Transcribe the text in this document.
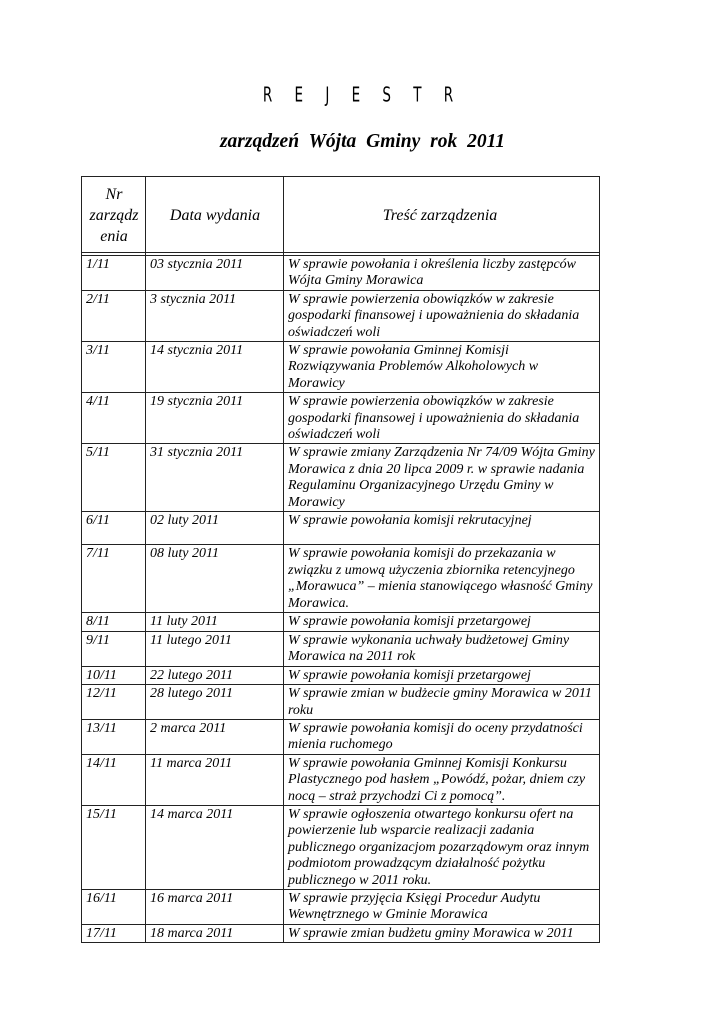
R E J E S T R
zarządzeń Wójta Gminy rok 2011
Nr zarządz enia	Data wydania	Treść zarządzenia

1/11	03 stycznia 2011	W sprawie powołania i określenia liczby zastępców Wójta Gminy Morawica
2/11	3 stycznia 2011	W sprawie powierzenia obowiązków w zakresie gospodarki finansowej i upoważnienia do składania oświadczeń woli
3/11	14 stycznia 2011	W sprawie powołania Gminnej Komisji Rozwiązywania Problemów Alkoholowych w Morawicy
4/11	19 stycznia 2011	W sprawie powierzenia obowiązków w zakresie gospodarki finansowej i upoważnienia do składania oświadczeń woli
5/11	31 stycznia 2011	W sprawie zmiany Zarządzenia Nr 74/09 Wójta Gminy Morawica z dnia 20 lipca 2009 r. w sprawie nadania Regulaminu Organizacyjnego Urzędu Gminy w Morawicy
6/11	02 luty 2011	W sprawie powołania komisji rekrutacyjnej
7/11	08 luty 2011	W sprawie powołania komisji do przekazania w związku z umową użyczenia zbiornika retencyjnego „Morawuca” – mienia stanowiącego własność Gminy Morawica.
8/11	11 luty 2011	W sprawie powołania komisji przetargowej
9/11	11 lutego 2011	W sprawie wykonania uchwały budżetowej Gminy Morawica na 2011 rok
10/11	22 lutego 2011	W sprawie powołania komisji przetargowej
12/11	28 lutego 2011	W sprawie zmian w budżecie gminy Morawica w 2011 roku
13/11	2 marca 2011	W sprawie powołania komisji do oceny przydatności mienia ruchomego
14/11	11 marca 2011	W sprawie powołania Gminnej Komisji Konkursu Plastycznego pod hasłem „Powódź, pożar, dniem czy nocą – straż przychodzi Ci z pomocą”.
15/11	14 marca 2011	W sprawie ogłoszenia otwartego konkursu ofert na powierzenie lub wsparcie realizacji zadania publicznego organizacjom pozarządowym oraz innym podmiotom prowadzącym działalność pożytku publicznego w 2011 roku.
16/11	16 marca 2011	W sprawie przyjęcia Księgi Procedur Audytu Wewnętrznego w Gminie Morawica
17/11	18 marca 2011	W sprawie zmian budżetu gminy Morawica w 2011
